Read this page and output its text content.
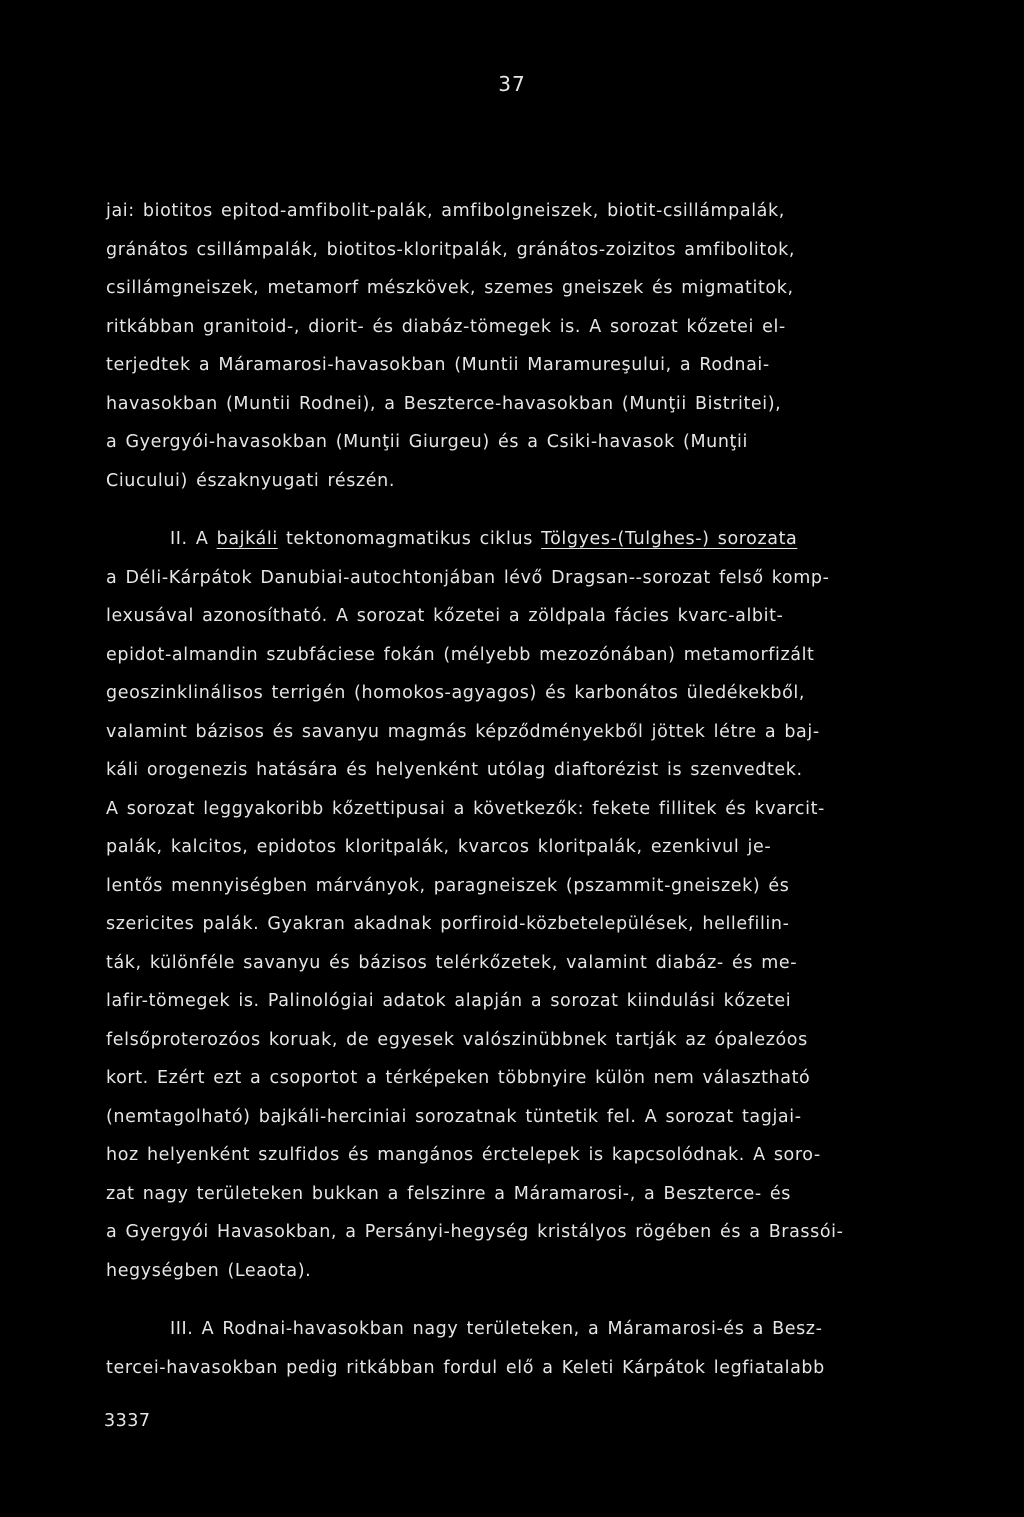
37
jai: biotitos epitod-amfibolit-palák, amfibolgneiszek, biotit-csillámpalák,
gránátos csillámpalák, biotitos-kloritpalák, gránátos-zoizitos amfibolitok,
csillámgneiszek, metamorf mészkövek, szemes gneiszek és migmatitok,
ritkábban granitoid-, diorit- és diabáz-tömegek is. A sorozat kőzetei el-
terjedtek a Máramarosi-havasokban (Muntii Maramureşului, a Rodnai-
havasokban (Muntii Rodnei), a Beszterce-havasokban (Munţii Bistritei),
a Gyergyói-havasokban (Munţii Giurgeu) és a Csiki-havasok (Munţii
Ciucului) északnyugati részén.
II. A bajkáli tektonomagmatikus ciklus Tölgyes-(Tulghes-) sorozata
a Déli-Kárpátok Danubiai-autochtonjában lévő Dragsan--sorozat felső komp-
lexusával azonosítható. A sorozat kőzetei a zöldpala fácies kvarc-albit-
epidot-almandin szubfáciese fokán (mélyebb mezozónában) metamorfizált
geoszinklinálisos terrigén (homokos-agyagos) és karbonátos üledékekből,
valamint bázisos és savanyu magmás képződményekből jöttek létre a baj-
káli orogenezis hatására és helyenként utólag diaftorézist is szenvedtek.
A sorozat leggyakoribb kőzettipusai a következők: fekete fillitek és kvarcit-
palák, kalcitos, epidotos kloritpalák, kvarcos kloritpalák, ezenkivul je-
lentős mennyiségben márványok, paragneiszek (pszammit-gneiszek) és
szericites palák. Gyakran akadnak porfiroid-közbetelepülések, hellefilin-
ták, különféle savanyu és bázisos telérkőzetek, valamint diabáz- és me-
lafir-tömegek is. Palinológiai adatok alapján a sorozat kiindulási kőzetei
felsőproterozóos koruak, de egyesek valószinübbnek tartják az ópalezóos
kort. Ezért ezt a csoportot a térképeken többnyire külön nem választható
(nemtagolható) bajkáli-herciniai sorozatnak tüntetik fel. A sorozat tagjai-
hoz helyenként szulfidos és mangános érctelepek is kapcsolódnak. A soro-
zat nagy területeken bukkan a felszinre a Máramarosi-, a Beszterce- és
a Gyergyói Havasokban, a Persányi-hegység kristályos rögében és a Brassói-
hegységben (Leaota).
III. A Rodnai-havasokban nagy területeken, a Máramarosi-és a Besz-
tercei-havasokban pedig ritkábban fordul elő a Keleti Kárpátok legfiatalabb
3337
